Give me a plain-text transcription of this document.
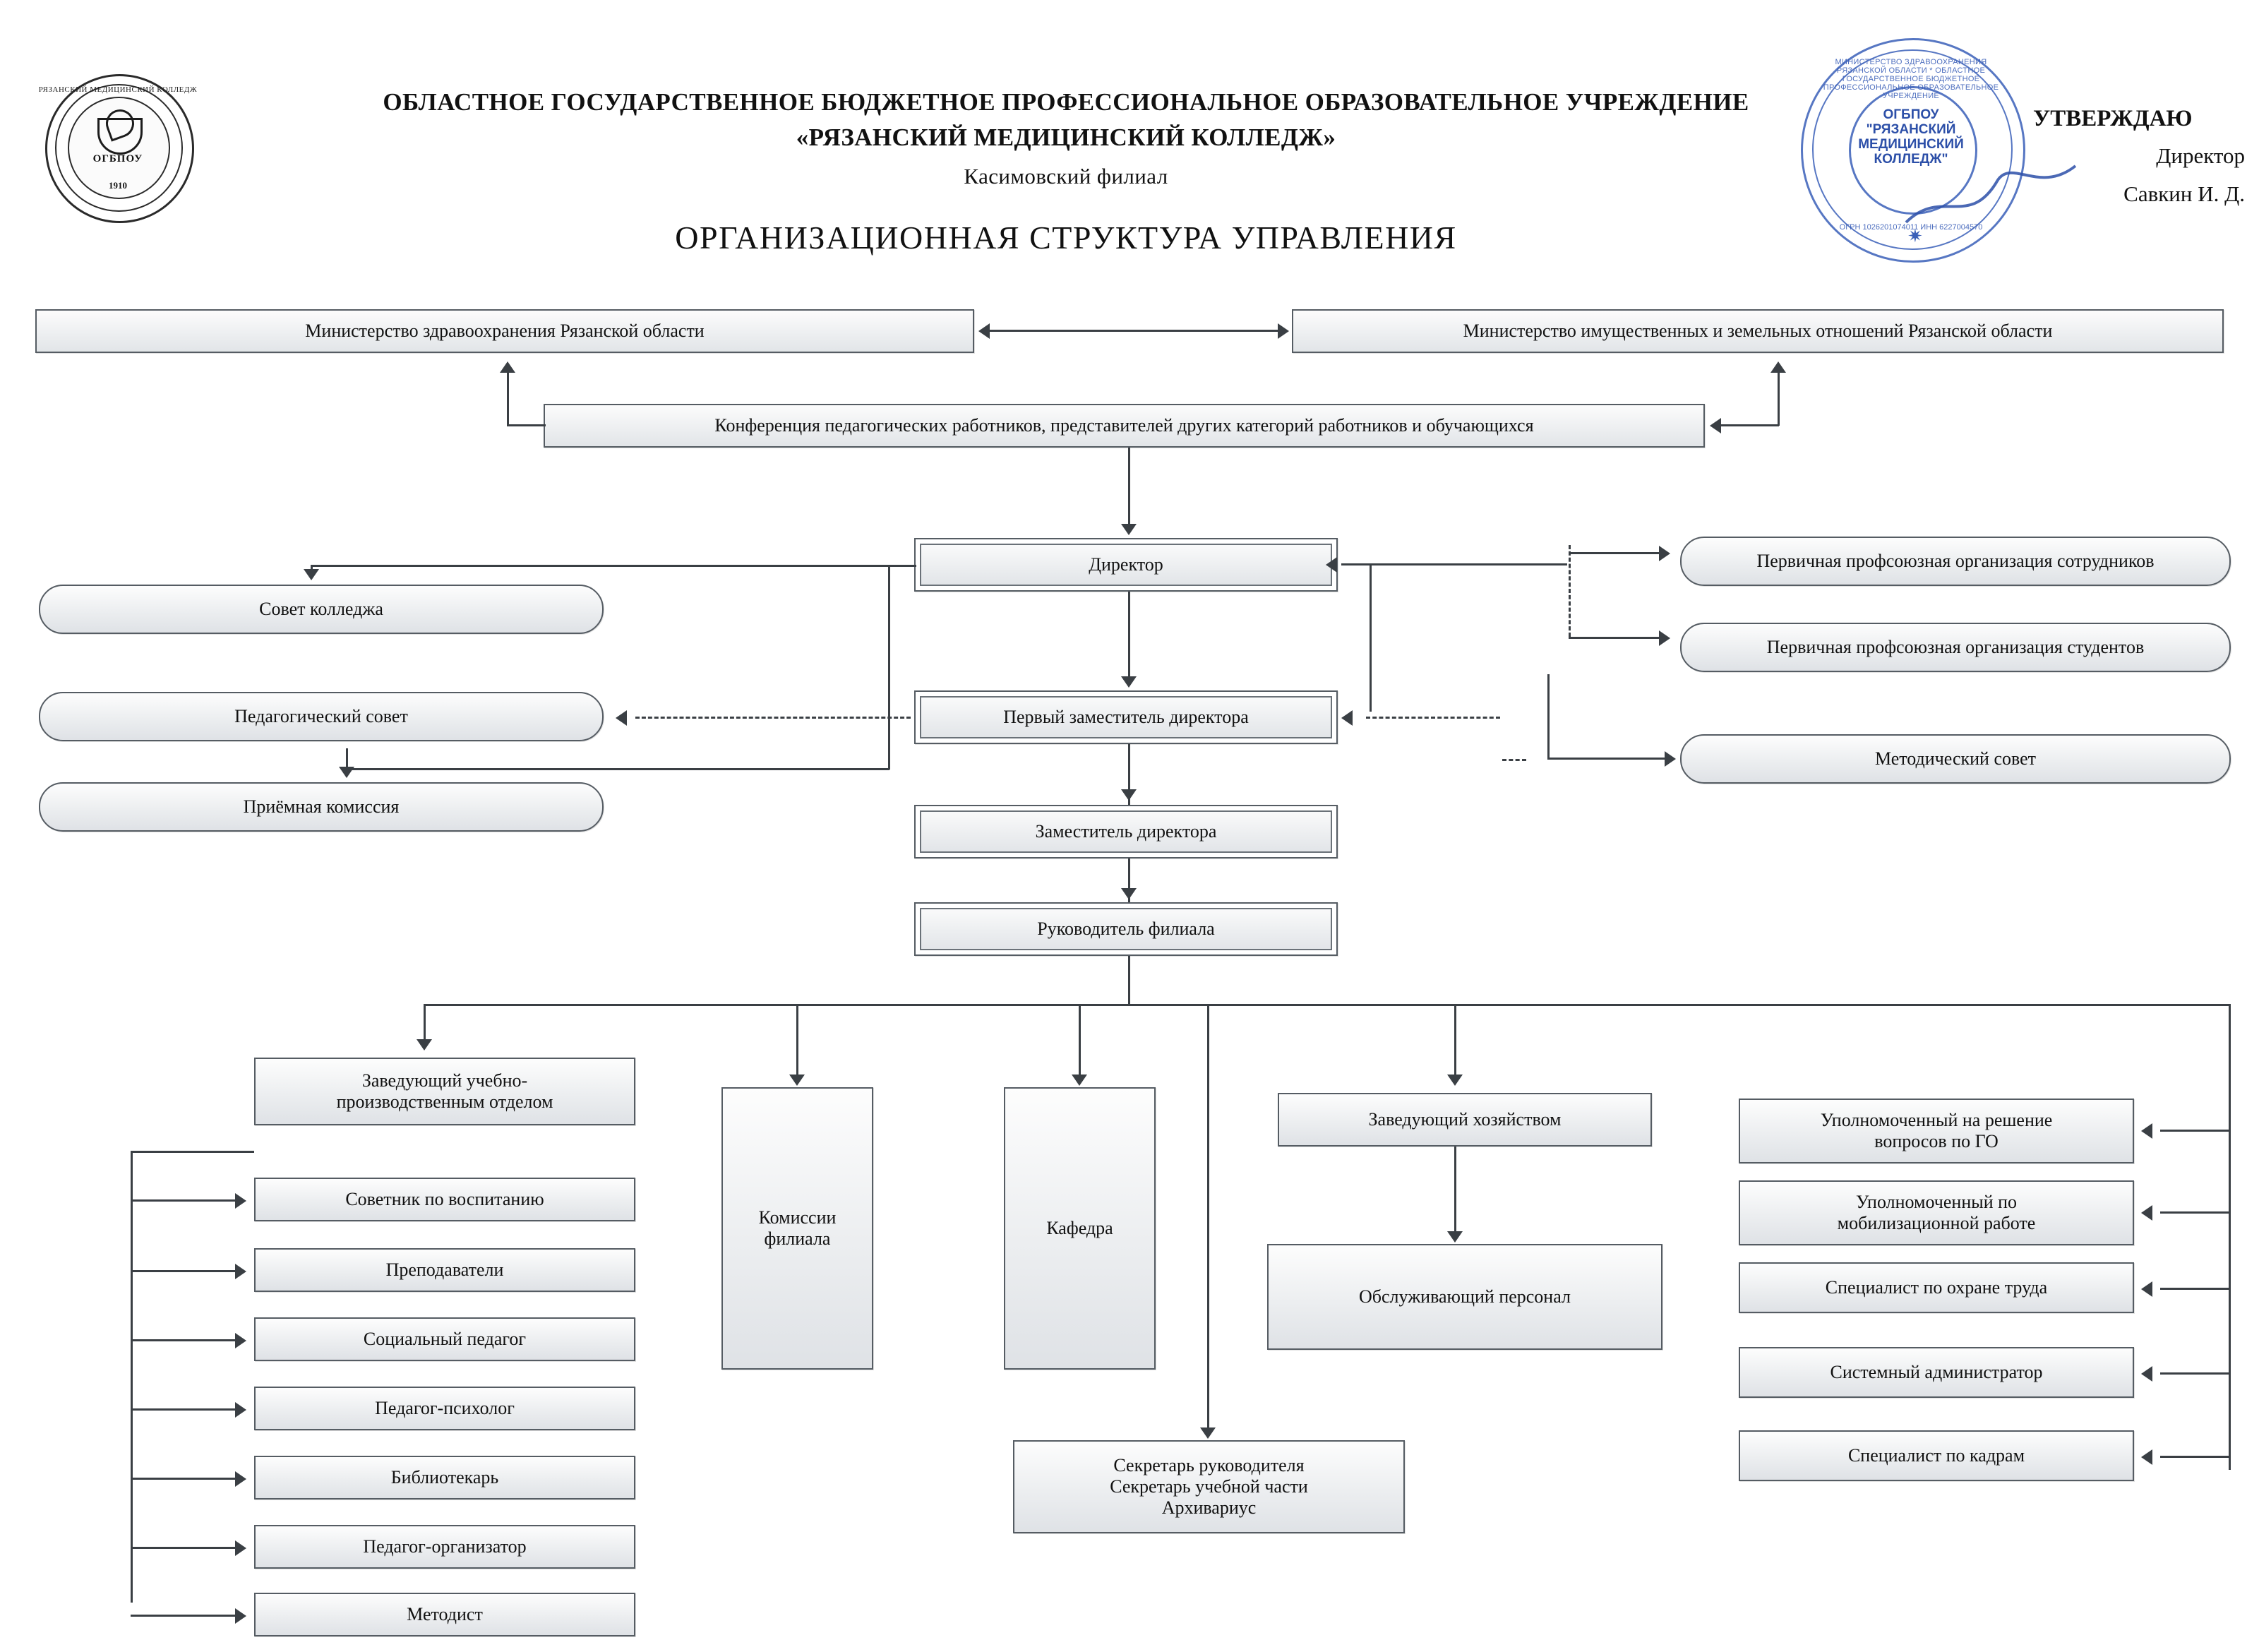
РЯЗАНСКИЙ МЕДИЦИНСКИЙ КОЛЛЕДЖ
ОГБПОУ
1910
ОБЛАСТНОЕ ГОСУДАРСТВЕННОЕ БЮДЖЕТНОЕ ПРОФЕССИОНАЛЬНОЕ ОБРАЗОВАТЕЛЬНОЕ УЧРЕЖДЕНИЕ
«РЯЗАНСКИЙ МЕДИЦИНСКИЙ КОЛЛЕДЖ»
Касимовский филиал
ОРГАНИЗАЦИОННАЯ СТРУКТУРА УПРАВЛЕНИЯ
МИНИСТЕРСТВО ЗДРАВООХРАНЕНИЯ РЯЗАНСКОЙ ОБЛАСТИ * ОБЛАСТНОЕ ГОСУДАРСТВЕННОЕ БЮДЖЕТНОЕ ПРОФЕССИОНАЛЬНОЕ ОБРАЗОВАТЕЛЬНОЕ УЧРЕЖДЕНИЕ
ОГБПОУ "РЯЗАНСКИЙ МЕДИЦИНСКИЙ КОЛЛЕДЖ"
ОГРН 1026201074011 ИНН 6227004570
✷
УТВЕРЖДАЮ
Директор
Савкин И. Д.
Министерство здравоохранения Рязанской области	Министерство имущественных и земельных отношений Рязанской области
Конференция педагогических работников, представителей других категорий работников и обучающихся
Директор
Совет колледжа
Педагогический совет
Приёмная комиссия
Первичная профсоюзная организация сотрудников
Первичная профсоюзная организация студентов
Методический совет
Первый заместитель директора
Заместитель директора
Руководитель филиала
Заведующий учебно-
производственным отделом
Советник по воспитанию
Преподаватели
Социальный педагог
Педагог-психолог
Библиотекарь
Педагог-организатор
Методист
Комиссии
филиала
Кафедра
Заведующий хозяйством
Обслуживающий персонал
Секретарь руководителя
Секретарь учебной части
Архивариус
Уполномоченный на решение
вопросов по ГО
Уполномоченный по
мобилизационной работе
Специалист по охране труда
Системный администратор
Специалист по кадрам
